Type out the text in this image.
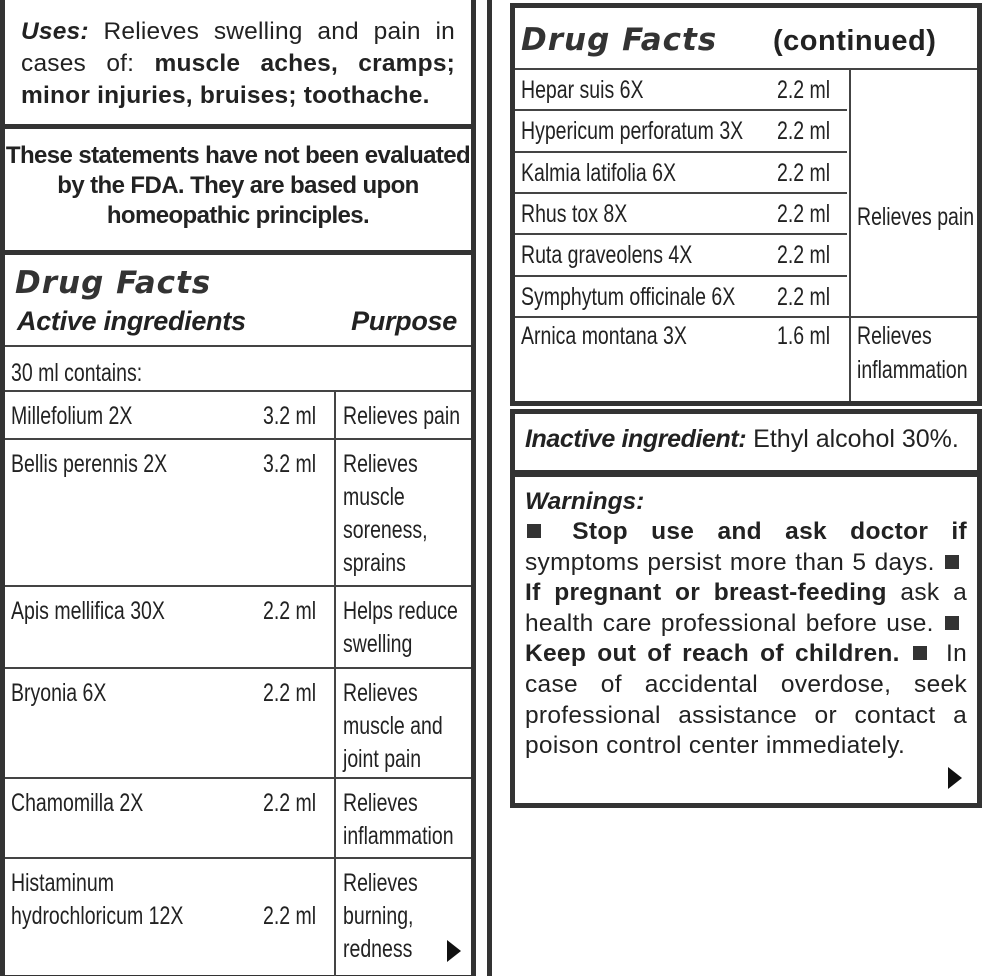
Uses: Relieves swelling and pain in cases of: muscle aches, cramps; minor injuries, bruises; toothache.

These statements have not been evaluated by the FDA. They are based upon homeopathic principles.

Drug Facts
Active ingredients	Purpose
30 ml contains:
Millefolium 2X	3.2 ml Relieves pain
Bellis perennis 2X	3.2 ml Relieves
muscle
soreness,
sprains
Apis mellifica 30X	2.2 ml Helps reduce
swelling
Bryonia 6X	2.2 ml Relieves
muscle and
joint pain
Chamomilla 2X	2.2 ml Relieves
inflammation
Histaminum
hydrochloricum 12X	2.2 ml
Relieves
burning,
redness
Drug Facts (continued)
Hepar suis 6X	2.2 ml
Hypericum perforatum 3X 2.2 ml
Kalmia latifolia 6X	2.2 ml
Rhus tox 8X	2.2 ml
Ruta graveolens 4X	2.2 ml
Symphytum officinale 6X 2.2 ml
Relieves pain
Arnica montana 3X	1.6 ml Relieves
inflammation
Inactive ingredient: Ethyl alcohol 30%.
Warnings:

Stop use and ask doctor if symptoms persist more than 5 days. If pregnant or breast-feeding ask a health care professional before use.  Keep out of reach of children. In case of accidental overdose, seek professional assistance or contact a poison control center immediately.
